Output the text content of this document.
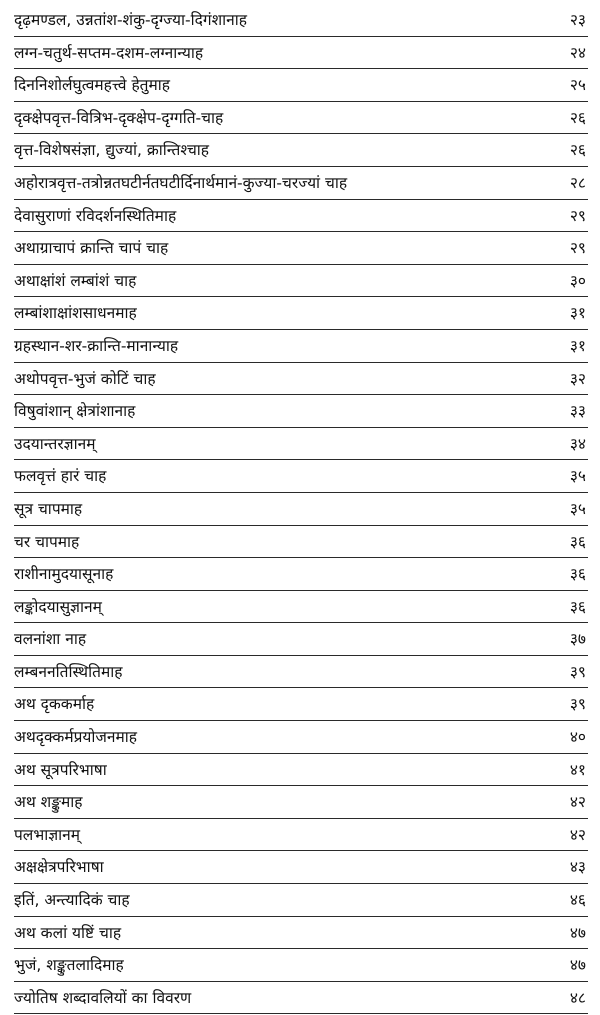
दृढ़मण्डल, उन्नतांश-शंकु-दृग्ज्या-दिगंशानाह	२३
लग्न-चतुर्थ-सप्तम-दशम-लग्नान्याह	२४
दिननिशोर्लघुत्वमहत्त्वे हेतुमाह	२५
दृक्क्षेपवृत्त-वित्रिभ-दृक्क्षेप-दृग्गति-चाह	२६
वृत्त-विशेषसंज्ञा, द्युज्यां, क्रान्तिश्चाह	२६
अहोरात्रवृत्त-तत्रोन्नतघटीर्नतघटीर्दिनार्थमानं-कुज्या-चरज्यां चाह	२८
देवासुराणां रविदर्शनस्थितिमाह	२९
अथाग्राचापं क्रान्ति चापं चाह	२९
अथाक्षांशं लम्बांशं चाह	३०
लम्बांशाक्षांशसाधनमाह	३१
ग्रहस्थान-शर-क्रान्ति-मानान्याह	३१
अथोपवृत्त-भुजं कोटिं चाह	३२
विषुवांशान् क्षेत्रांशानाह	३३
उदयान्तरज्ञानम्	३४
फलवृत्तं हारं चाह	३५
सूत्र चापमाह	३५
चर चापमाह	३६
राशीनामुदयासूनाह	३६
लङ्कोदयासुज्ञानम्	३६
वलनांशा नाह	३७
लम्बननतिस्थितिमाह	३९
अथ दृककर्माह	३९
अथदृक्कर्मप्रयोजनमाह	४०
अथ सूत्रपरिभाषा	४१
अथ शङ्कुमाह	४२
पलभाज्ञानम्	४२
अक्षक्षेत्रपरिभाषा	४३
इतिं, अन्त्यादिकं चाह	४६
अथ कलां यष्टिं चाह	४७
भुजं, शङ्कुतलादिमाह	४७
ज्योतिष शब्दावलियों का विवरण	४८
